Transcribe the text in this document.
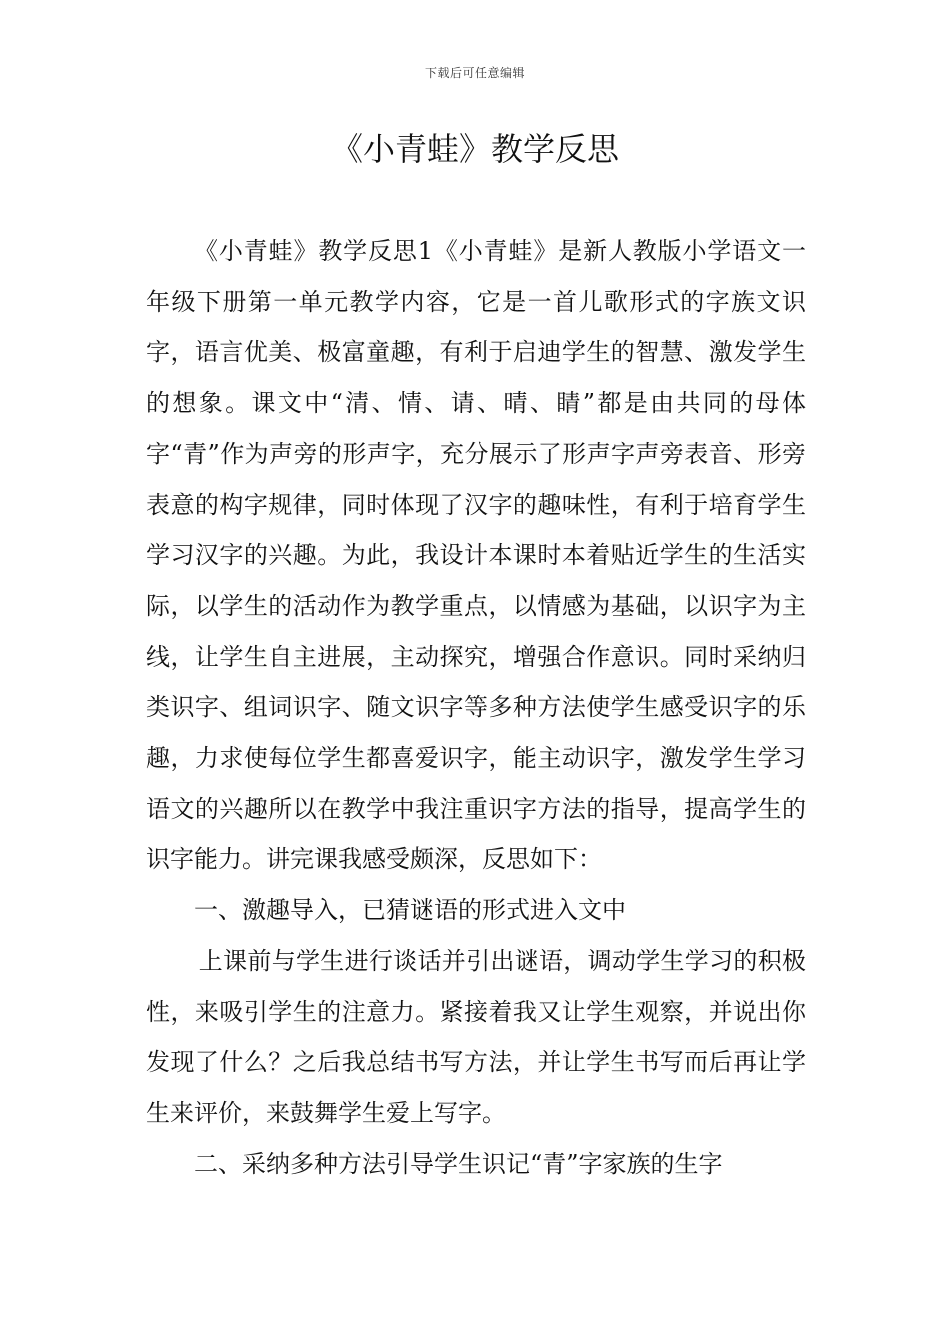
下载后可任意编辑
《小青蛙》教学反思

《小青蛙》教学反思1《小青蛙》是新人教版小学语文一年级下册第一单元教学内容，它是一首儿歌形式的字族文识字，语言优美、极富童趣，有利于启迪学生的智慧、激发学生的想象。课文中“清、情、请、晴、睛”都是由共同的母体字“青”作为声旁的形声字，充分展示了形声字声旁表音、形旁表意的构字规律，同时体现了汉字的趣味性，有利于培育学生学习汉字的兴趣。为此，我设计本课时本着贴近学生的生活实际，以学生的活动作为教学重点，以情感为基础，以识字为主线，让学生自主进展，主动探究，增强合作意识。同时采纳归类识字、组词识字、随文识字等多种方法使学生感受识字的乐趣，力求使每位学生都喜爱识字，能主动识字，激发学生学习语文的兴趣所以在教学中我注重识字方法的指导，提高学生的识字能力。讲完课我感受颇深，反思如下：

一、激趣导入，已猜谜语的形式进入文中

上课前与学生进行谈话并引出谜语，调动学生学习的积极性，来吸引学生的注意力。紧接着我又让学生观察，并说出你发现了什么？之后我总结书写方法，并让学生书写而后再让学生来评价，来鼓舞学生爱上写字。

二、采纳多种方法引导学生识记“青”字家族的生字
